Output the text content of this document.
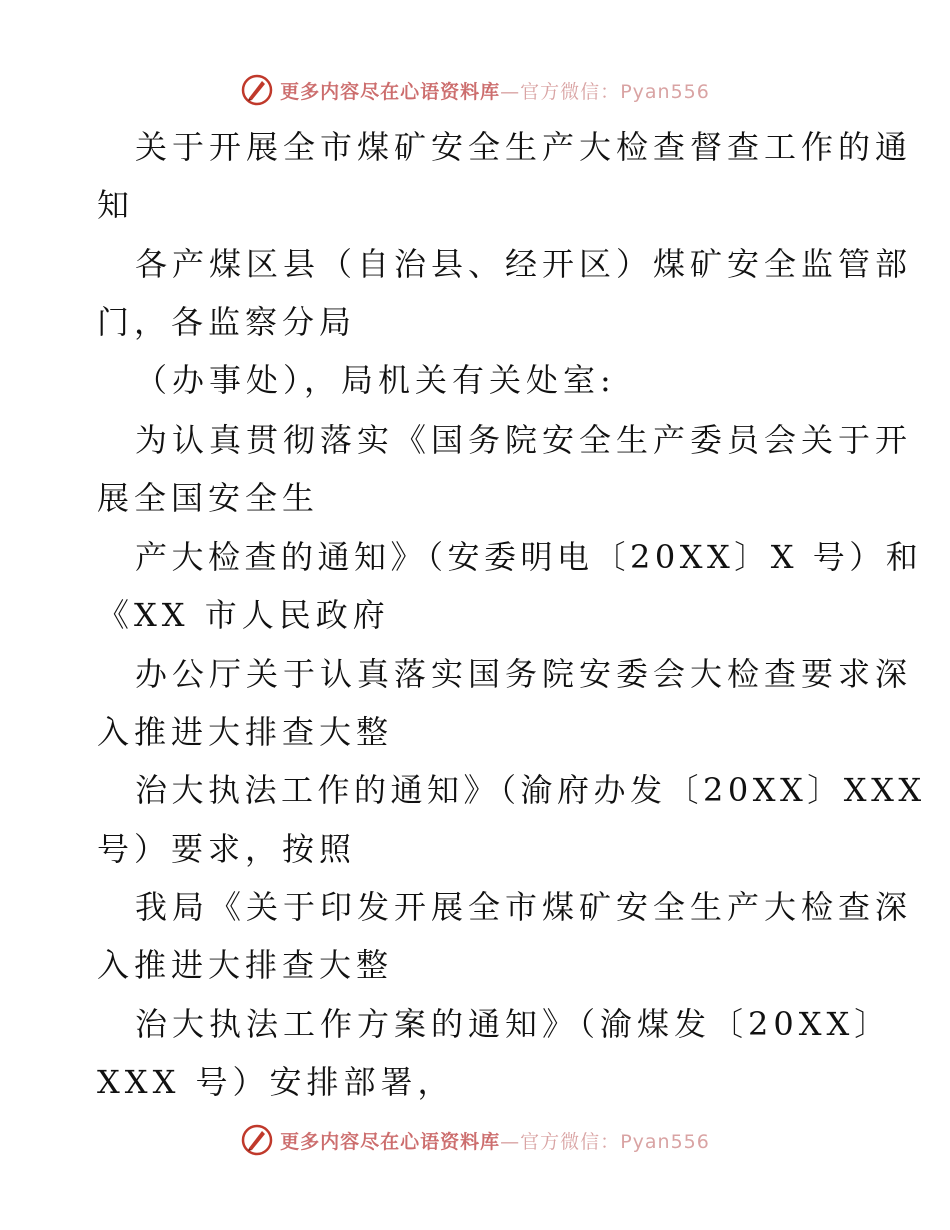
更多内容尽在心语资料库—官方微信：Pyan556
关于开展全市煤矿安全生产大检查督查工作的通
知
各产煤区县（自治县、经开区）煤矿安全监管部
门，各监察分局
（办事处），局机关有关处室:
为认真贯彻落实《国务院安全生产委员会关于开
展全国安全生
产大检查的通知》（安委明电〔20XX〕X 号）和
《XX 市人民政府
办公厅关于认真落实国务院安委会大检查要求深
入推进大排查大整
治大执法工作的通知》（渝府办发〔20XX〕XXX
号）要求，按照
我局《关于印发开展全市煤矿安全生产大检查深
入推进大排查大整
治大执法工作方案的通知》（渝煤发〔20XX〕
XXX 号）安排部署，
更多内容尽在心语资料库—官方微信：Pyan556
